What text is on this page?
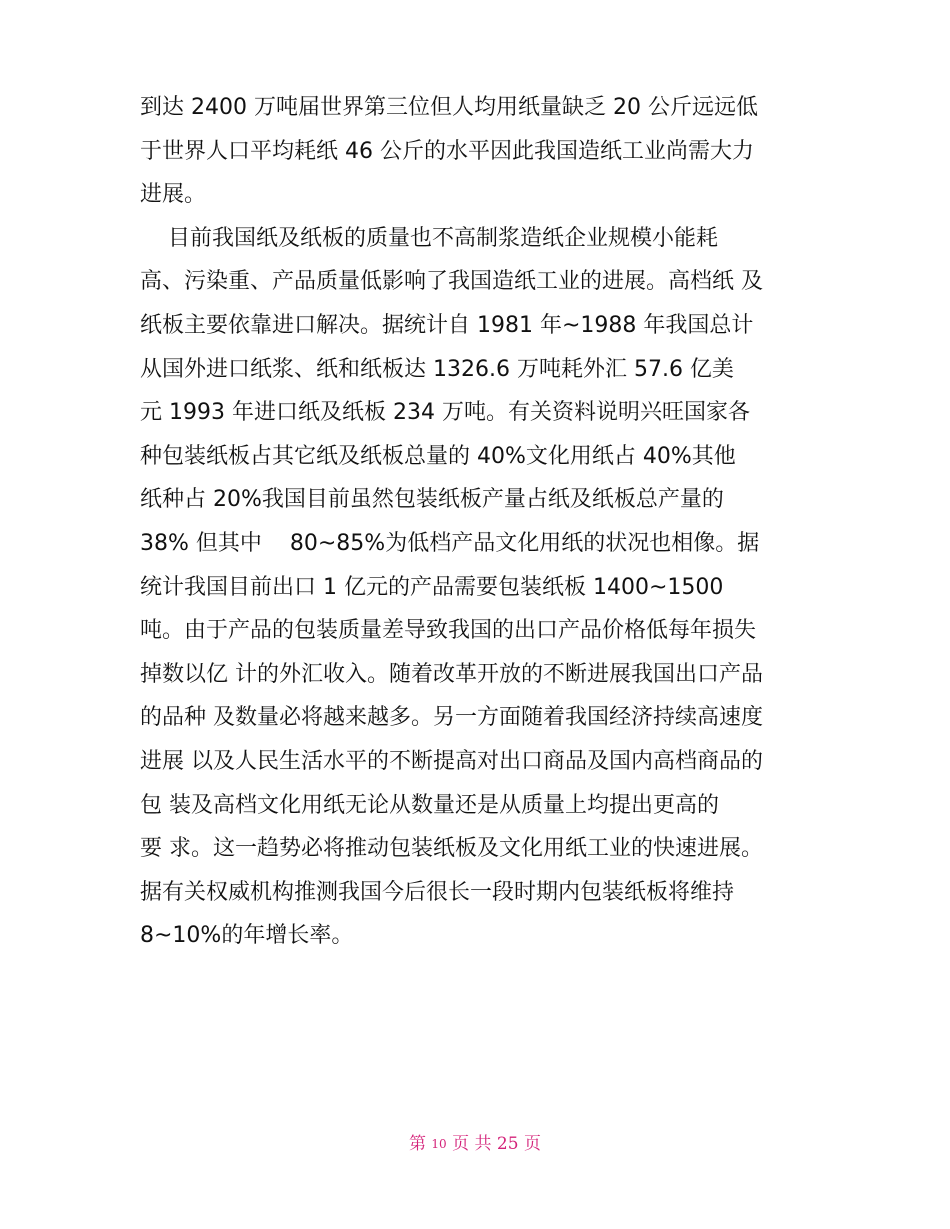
到达 2400 万吨届世界第三位但人均用纸量缺乏 20 公斤远远低
于世界人口平均耗纸 46 公斤的水平因此我国造纸工业尚需大力
进展。
目前我国纸及纸板的质量也不高制浆造纸企业规模小能耗
高、污染重、产品质量低影响了我国造纸工业的进展。高档纸 及
纸板主要依靠进口解决。据统计自 1981 年~1988 年我国总计
从国外进口纸浆、纸和纸板达 1326.6 万吨耗外汇 57.6 亿美
元 1993 年进口纸及纸板 234 万吨。有关资料说明兴旺国家各
种包装纸板占其它纸及纸板总量的 40%文化用纸占 40%其他
纸种占 20%我国目前虽然包装纸板产量占纸及纸板总产量的
38% 但其中    80~85%为低档产品文化用纸的状况也相像。据
统计我国目前出口 1 亿元的产品需要包装纸板 1400~1500
吨。由于产品的包装质量差导致我国的出口产品价格低每年损失
掉数以亿 计的外汇收入。随着改革开放的不断进展我国出口产品
的品种 及数量必将越来越多。另一方面随着我国经济持续高速度
进展 以及人民生活水平的不断提高对出口商品及国内高档商品的
包 装及高档文化用纸无论从数量还是从质量上均提出更高的
要 求。这一趋势必将推动包装纸板及文化用纸工业的快速进展。
据有关权威机构推测我国今后很长一段时期内包装纸板将维持
8~10%的年增长率。
第 10 页 共 25 页
